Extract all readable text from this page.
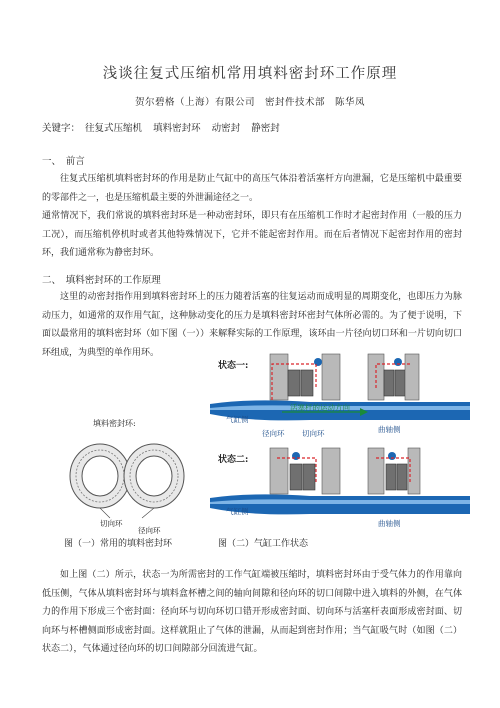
浅谈往复式压缩机常用填料密封环工作原理
贺尔碧格（上海）有限公司　密封件技术部　陈华凤
关键字： 往复式压缩机 填料密封环 动密封 静密封
一、　前言
往复式压缩机填料密封环的作用是防止气缸中的高压气体沿着活塞杆方向泄漏，它是压缩机中最重要的零部件之一，也是压缩机最主要的外泄漏途径之一。
通常情况下，我们常说的填料密封环是一种动密封环，即只有在压缩机工作时才起密封作用（一般的压力工况），而压缩机停机时或者其他特殊情况下，它并不能起密封作用。而在后者情况下起密封作用的密封环，我们通常称为静密封环。
二、　填料密封环的工作原理
这里的动密封指作用到填料密封环上的压力随着活塞的往复运动而成明显的周期变化，也即压力为脉动压力，如通常的双作用气缸，这种脉动变化的压力是填料密封环密封气体所必需的。为了便于说明，下面以最常用的填料密封环（如下图（一））来解释实际的工作原理，该环由一片径向切口环和一片切向切口环组成，为典型的单作用环。
填料密封环:
切向环
径向环
图（一）常用的填料密封环
状态一:
状态二:
气缸侧
曲轴侧
活塞杆的运动方向
径向环 切向环
气缸侧
曲轴侧
图（二）气缸工作状态
如上图（二）所示，状态一为所需密封的工作气缸端被压缩时，填料密封环由于受气体力的作用靠向低压侧，气体从填料密封环与填料盒杯槽之间的轴向间隙和径向环的切口间隙中进入填料的外侧，在气体力的作用下形成三个密封面：径向环与切向环切口错开形成密封面、切向环与活塞杆表面形成密封面、切向环与杯槽侧面形成密封面。这样就阻止了气体的泄漏，从而起到密封作用；当气缸吸气时（如图（二）状态二），气体通过径向环的切口间隙部分回流进气缸。
